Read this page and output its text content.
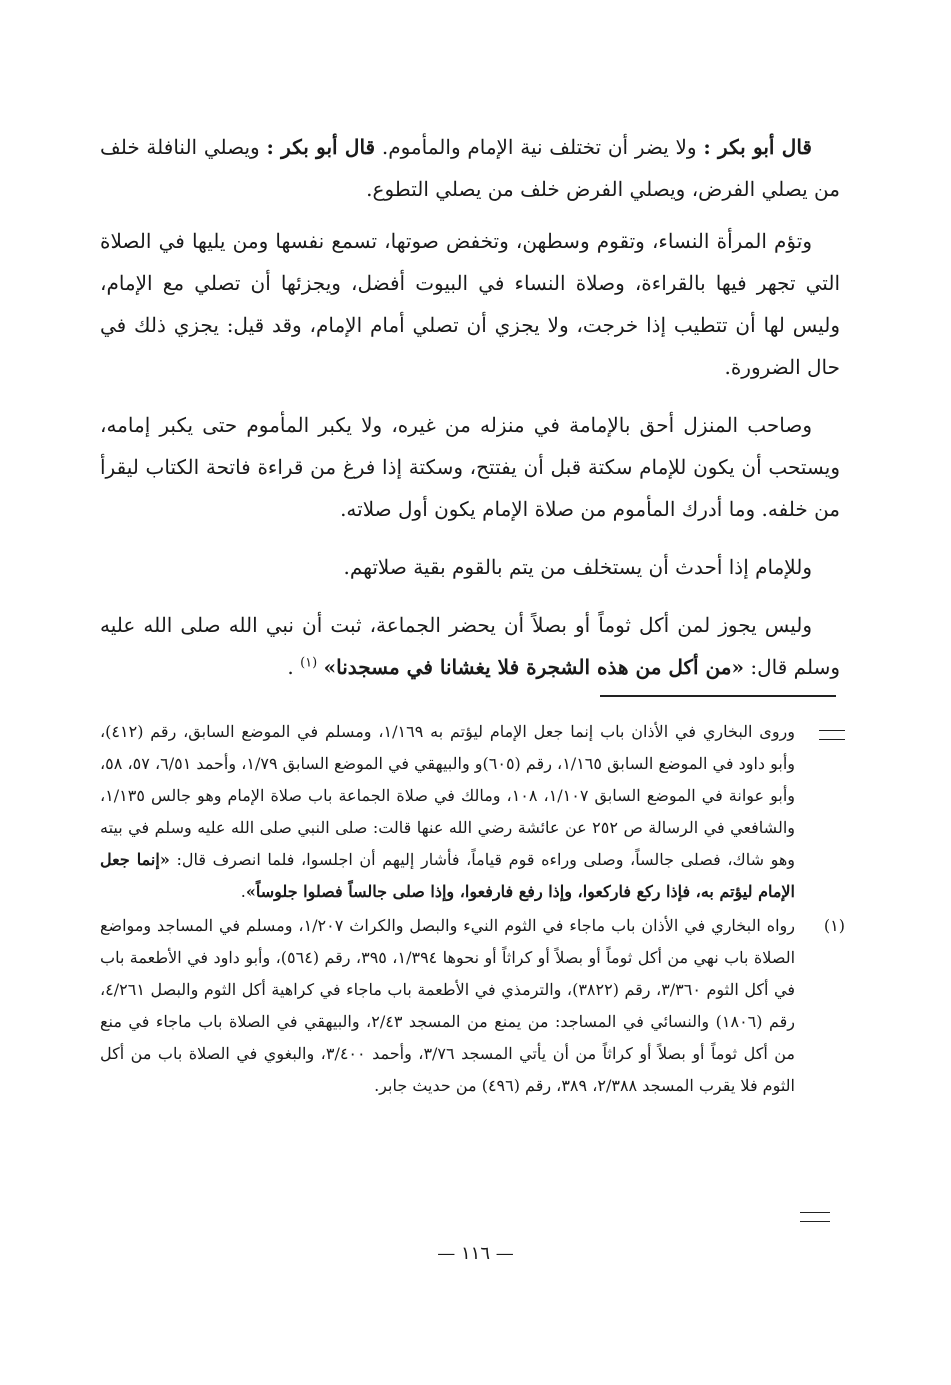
قال أبو بكر : ولا يضر أن تختلف نية الإمام والمأموم. قال أبو بكر : ويصلي النافلة خلف من يصلي الفرض، ويصلي الفرض خلف من يصلي التطوع.

وتؤم المرأة النساء، وتقوم وسطهن، وتخفض صوتها، تسمع نفسها ومن يليها في الصلاة التي تجهر فيها بالقراءة، وصلاة النساء في البيوت أفضل، ويجزئها أن تصلي مع الإمام، وليس لها أن تتطيب إذا خرجت، ولا يجزي أن تصلي أمام الإمام، وقد قيل: يجزي ذلك في حال الضرورة.

وصاحب المنزل أحق بالإمامة في منزله من غيره، ولا يكبر المأموم حتى يكبر إمامه، ويستحب أن يكون للإمام سكتة قبل أن يفتتح، وسكتة إذا فرغ من قراءة فاتحة الكتاب ليقرأ من خلفه. وما أدرك المأموم من صلاة الإمام يكون أول صلاته.

وللإمام إذا أحدث أن يستخلف من يتم بالقوم بقية صلاتهم.

وليس يجوز لمن أكل ثوماً أو بصلاً أن يحضر الجماعة، ثبت أن نبي الله صلى الله عليه وسلم قال: «من أكل من هذه الشجرة فلا يغشانا في مسجدنا» $^{(١)}$ .

وروى البخاري في الأذان باب إنما جعل الإمام ليؤتم به ١/١٦٩، ومسلم في الموضع السابق، رقم (٤١٢)، وأبو داود في الموضع السابق ١/١٦٥، رقم (٦٠٥)و والبيهقي في الموضع السابق ١/٧٩، وأحمد ٦/٥١، ٥٧، ٥٨، وأبو عوانة في الموضع السابق ١/١٠٧، ١٠٨، ومالك في صلاة الجماعة باب صلاة الإمام وهو جالس ١/١٣٥، والشافعي في الرسالة ص ٢٥٢ عن عائشة رضي الله عنها قالت: صلى النبي صلى الله عليه وسلم في بيته وهو شاك، فصلى جالساً، وصلى وراءه قوم قياماً، فأشار إليهم أن اجلسوا، فلما انصرف قال: «إنما جعل الإمام ليؤتم به، فإذا ركع فاركعوا، وإذا رفع فارفعوا، وإذا صلى جالساً فصلوا جلوساً».
(١)
رواه البخاري في الأذان باب ماجاء في الثوم النيء والبصل والكراث ١/٢٠٧، ومسلم في المساجد ومواضع الصلاة باب نهي من أكل ثوماً أو بصلاً أو كراثاً أو نحوها ١/٣٩٤، ٣٩٥، رقم (٥٦٤)، وأبو داود في الأطعمة باب في أكل الثوم ٣/٣٦٠، رقم (٣٨٢٢)، والترمذي في الأطعمة باب ماجاء في كراهية أكل الثوم والبصل ٤/٢٦١، رقم (١٨٠٦) والنسائي في المساجد: من يمنع من المسجد ٢/٤٣، والبيهقي في الصلاة باب ماجاء في منع من أكل ثوماً أو بصلاً أو كراثاً من أن يأتي المسجد ٣/٧٦، وأحمد ٣/٤٠٠، والبغوي في الصلاة باب من أكل الثوم فلا يقرب المسجد ٢/٣٨٨، ٣٨٩، رقم (٤٩٦) من حديث جابر.
— ١١٦ —
